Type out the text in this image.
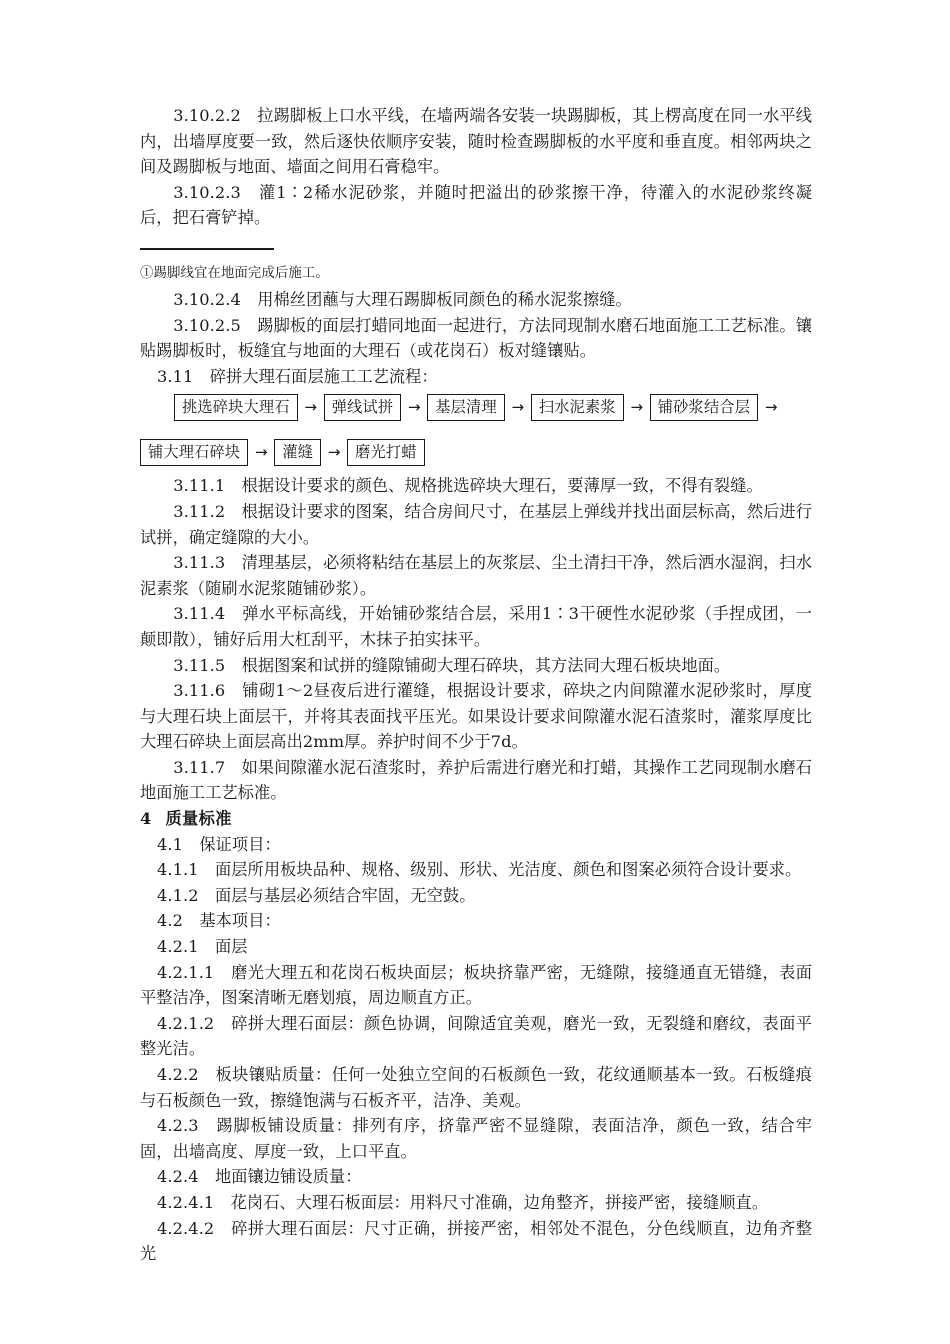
3.10.2.2　拉踢脚板上口水平线，在墙两端各安装一块踢脚板，其上楞高度在同一水平线内，出墙厚度要一致，然后逐快依顺序安装，随时检查踢脚板的水平度和垂直度。相邻两块之间及踢脚板与地面、墙面之间用石膏稳牢。

3.10.2.3　灌1∶2稀水泥砂浆，并随时把溢出的砂浆擦干净，待灌入的水泥砂浆终凝后，把石膏铲掉。

①踢脚线宜在地面完成后施工。

3.10.2.4　用棉丝团蘸与大理石踢脚板同颜色的稀水泥浆擦缝。

3.10.2.5　踢脚板的面层打蜡同地面一起进行，方法同现制水磨石地面施工工艺标准。镶贴踢脚板时，板缝宜与地面的大理石（或花岗石）板对缝镶贴。

3.11　碎拼大理石面层施工工艺流程：

挑选碎块大理石 → 弹线试拼 → 基层清理 → 扫水泥素浆 → 铺砂浆结合层 →
铺大理石碎块 → 灌缝 → 磨光打蜡

3.11.1　根据设计要求的颜色、规格挑选碎块大理石，要薄厚一致，不得有裂缝。

3.11.2　根据设计要求的图案，结合房间尺寸，在基层上弹线并找出面层标高，然后进行试拼，确定缝隙的大小。

3.11.3　清理基层，必须将粘结在基层上的灰浆层、尘土清扫干净，然后洒水湿润，扫水泥素浆（随刷水泥浆随铺砂浆）。

3.11.4　弹水平标高线，开始铺砂浆结合层，采用1∶3干硬性水泥砂浆（手捏成团，一颠即散），铺好后用大杠刮平，木抹子拍实抹平。

3.11.5　根据图案和试拼的缝隙铺砌大理石碎块，其方法同大理石板块地面。

3.11.6　铺砌1～2昼夜后进行灌缝，根据设计要求，碎块之内间隙灌水泥砂浆时，厚度与大理石块上面层干，并将其表面找平压光。如果设计要求间隙灌水泥石渣浆时，灌浆厚度比大理石碎块上面层高出2mm厚。养护时间不少于7d。

3.11.7　如果间隙灌水泥石渣浆时，养护后需进行磨光和打蜡，其操作工艺同现制水磨石地面施工工艺标准。

4 质量标准

4.1　保证项目：

4.1.1　面层所用板块品种、规格、级别、形状、光洁度、颜色和图案必须符合设计要求。

4.1.2　面层与基层必须结合牢固，无空鼓。

4.2　基本项目：

4.2.1　面层

4.2.1.1　磨光大理五和花岗石板块面层；板块挤靠严密，无缝隙，接缝通直无错缝，表面平整洁净，图案清晰无磨划痕，周边顺直方正。

4.2.1.2　碎拼大理石面层：颜色协调，间隙适宜美观，磨光一致，无裂缝和磨纹，表面平整光洁。

4.2.2　板块镶贴质量：任何一处独立空间的石板颜色一致，花纹通顺基本一致。石板缝痕与石板颜色一致，擦缝饱满与石板齐平，洁净、美观。

4.2.3　踢脚板铺设质量：排列有序，挤靠严密不显缝隙，表面洁净，颜色一致，结合牢固，出墙高度、厚度一致，上口平直。

4.2.4　地面镶边铺设质量：

4.2.4.1　花岗石、大理石板面层：用料尺寸准确，边角整齐，拼接严密，接缝顺直。

4.2.4.2　碎拼大理石面层：尺寸正确，拼接严密，相邻处不混色，分色线顺直，边角齐整光
